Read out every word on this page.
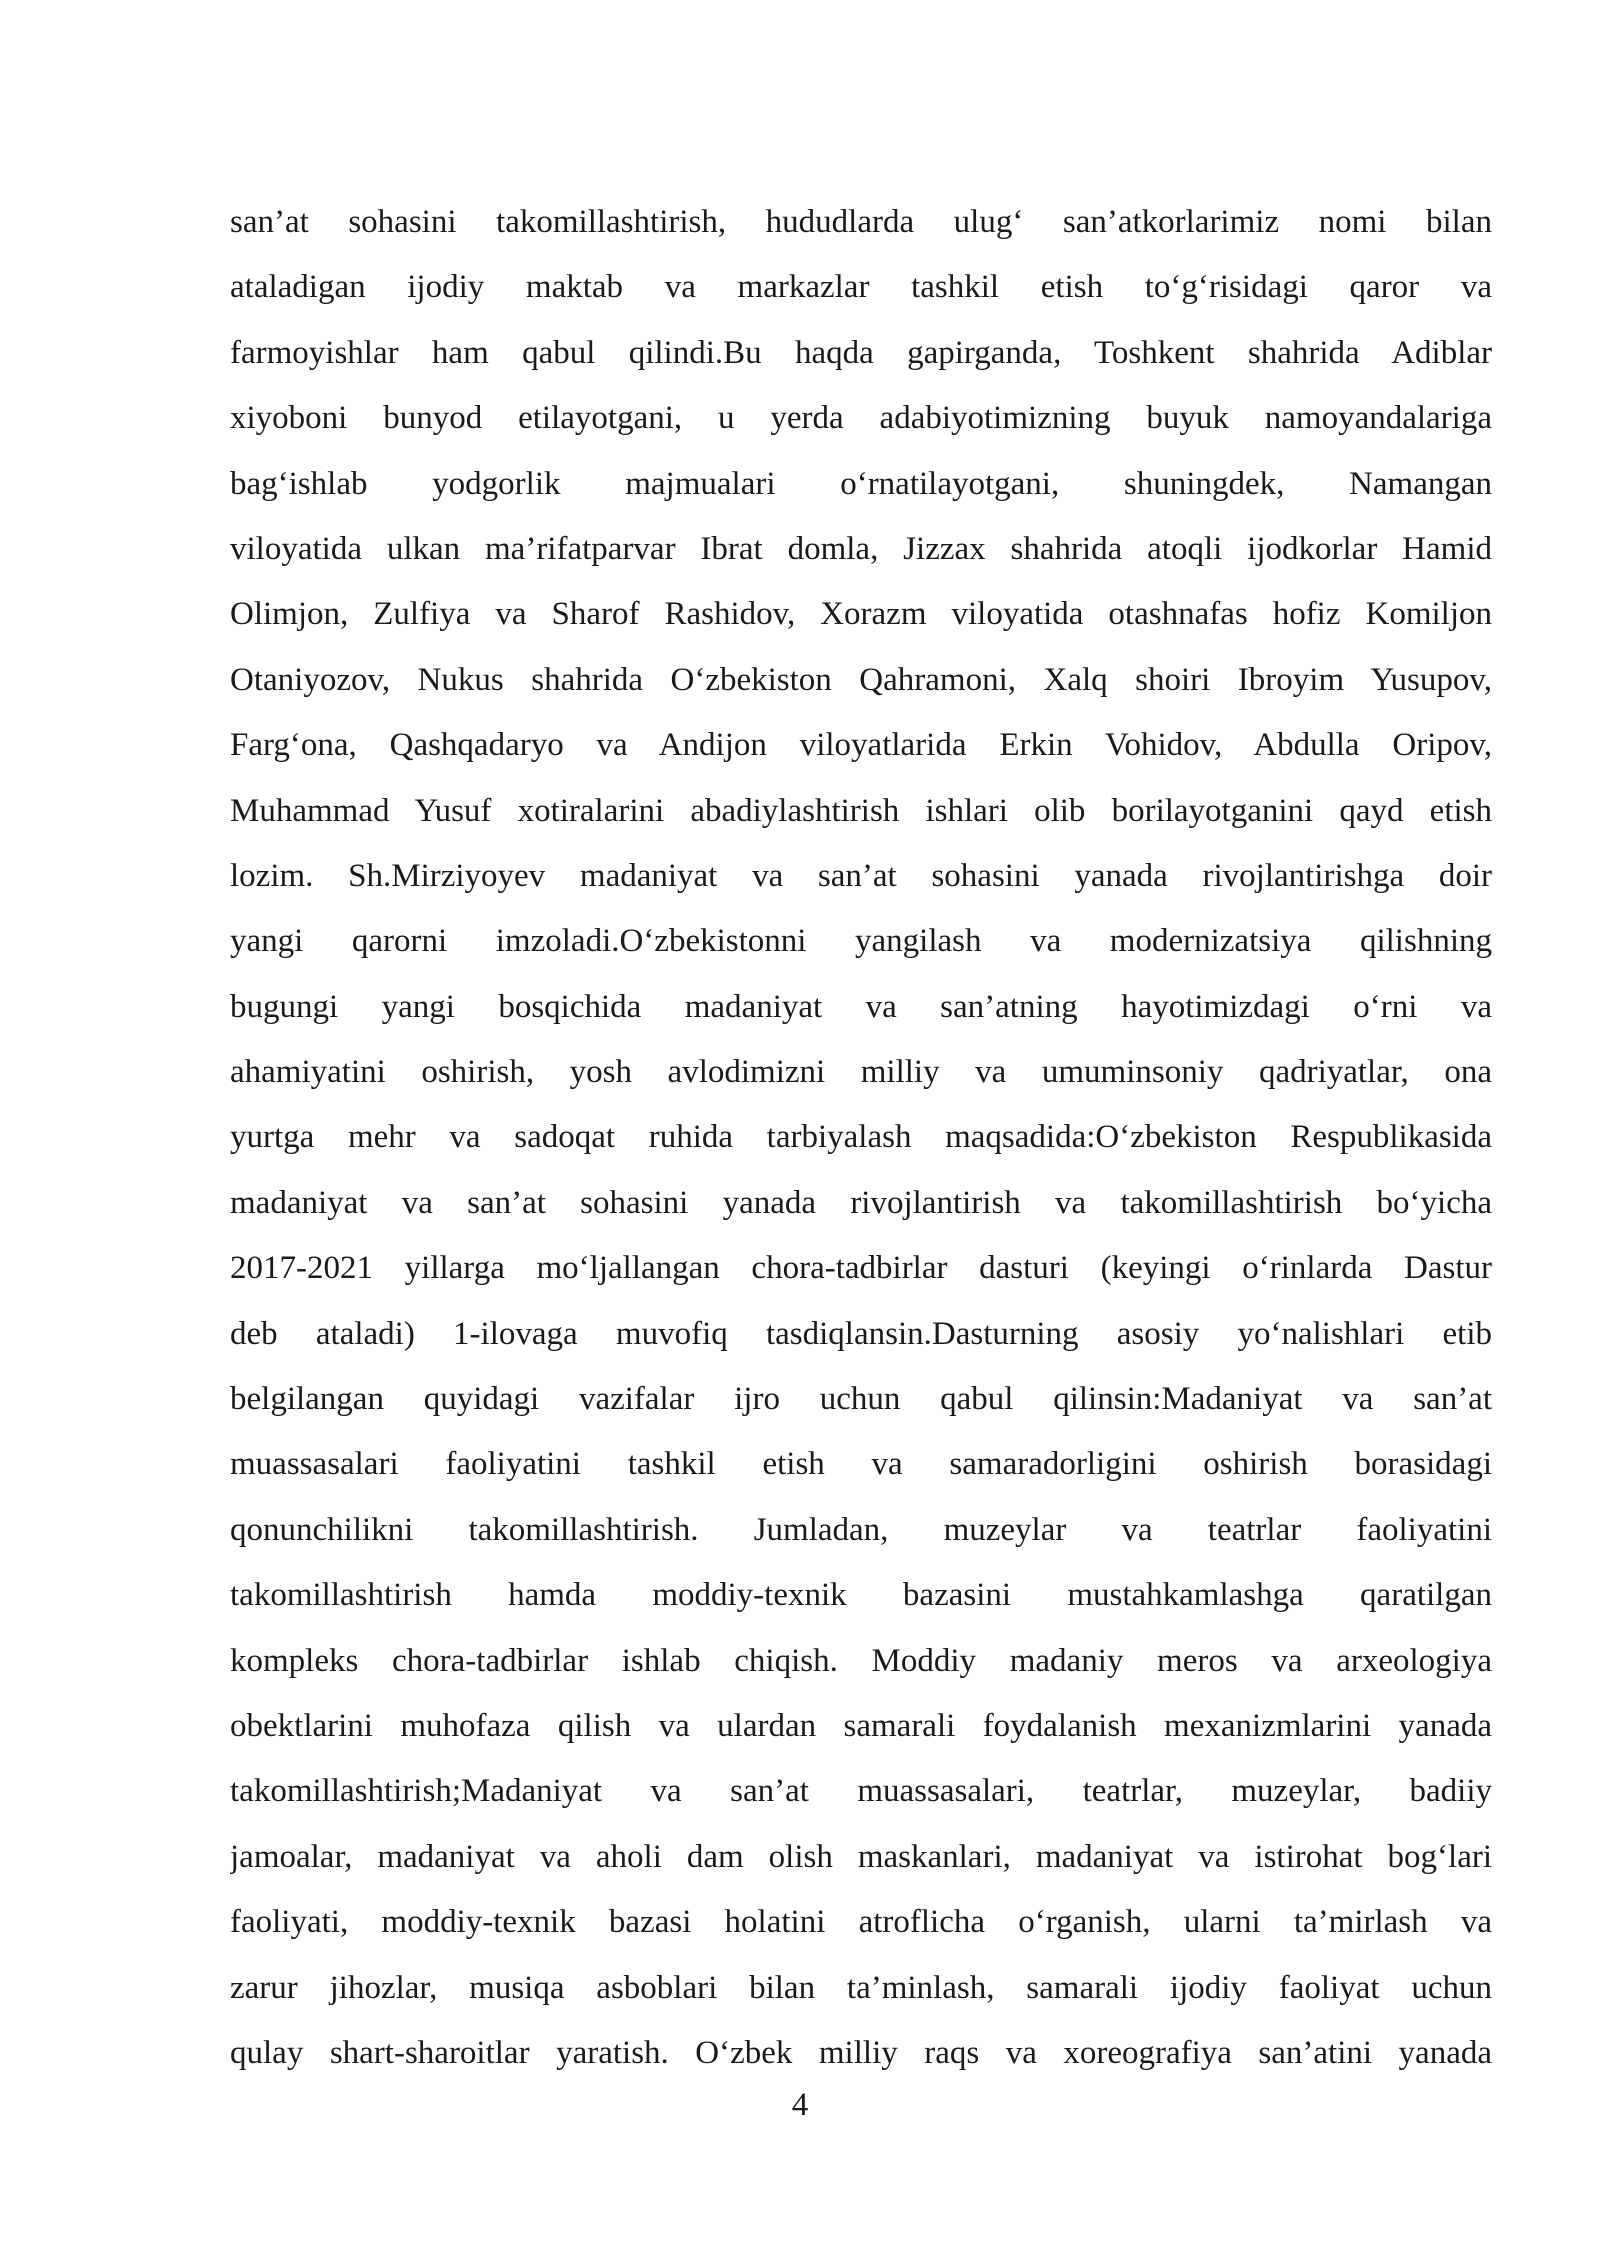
san’at sohasini takomillashtirish, hududlarda ulug‘ san’atkorlarimiz nomi bilan
ataladigan ijodiy maktab va markazlar tashkil etish to‘g‘risidagi qaror va
farmoyishlar ham qabul qilindi.Bu haqda gapirganda, Toshkent shahrida Adiblar
xiyoboni bunyod etilayotgani, u yerda adabiyotimizning buyuk namoyandalariga
bag‘ishlab yodgorlik majmualari o‘rnatilayotgani, shuningdek, Namangan
viloyatida ulkan ma’rifatparvar Ibrat domla, Jizzax shahrida atoqli ijodkorlar Hamid
Olimjon, Zulfiya va Sharof Rashidov, Xorazm viloyatida otashnafas hofiz Komiljon
Otaniyozov, Nukus shahrida O‘zbekiston Qahramoni, Xalq shoiri Ibroyim Yusupov,
Farg‘ona, Qashqadaryo va Andijon viloyatlarida Erkin Vohidov, Abdulla Oripov,
Muhammad Yusuf xotiralarini abadiylashtirish ishlari olib borilayotganini qayd etish
lozim. Sh.Mirziyoyev madaniyat va san’at sohasini yanada rivojlantirishga doir
yangi qarorni imzoladi.O‘zbekistonni yangilash va modernizatsiya qilishning
bugungi yangi bosqichida madaniyat va san’atning hayotimizdagi o‘rni va
ahamiyatini oshirish, yosh avlodimizni milliy va umuminsoniy qadriyatlar, ona
yurtga mehr va sadoqat ruhida tarbiyalash maqsadida:O‘zbekiston Respublikasida
madaniyat va san’at sohasini yanada rivojlantirish va takomillashtirish bo‘yicha
2017-2021 yillarga mo‘ljallangan chora-tadbirlar dasturi (keyingi o‘rinlarda Dastur
deb ataladi) 1-ilovaga muvofiq tasdiqlansin.Dasturning asosiy yo‘nalishlari etib
belgilangan quyidagi vazifalar ijro uchun qabul qilinsin:Madaniyat va san’at
muassasalari faoliyatini tashkil etish va samaradorligini oshirish borasidagi
qonunchilikni takomillashtirish. Jumladan, muzeylar va teatrlar faoliyatini
takomillashtirish hamda moddiy-texnik bazasini mustahkamlashga qaratilgan
kompleks chora-tadbirlar ishlab chiqish. Moddiy madaniy meros va arxeologiya
obektlarini muhofaza qilish va ulardan samarali foydalanish mexanizmlarini yanada
takomillashtirish;Madaniyat va san’at muassasalari, teatrlar, muzeylar, badiiy
jamoalar, madaniyat va aholi dam olish maskanlari, madaniyat va istirohat bog‘lari
faoliyati, moddiy-texnik bazasi holatini atroflicha o‘rganish, ularni ta’mirlash va
zarur jihozlar, musiqa asboblari bilan ta’minlash, samarali ijodiy faoliyat uchun
qulay shart-sharoitlar yaratish. O‘zbek milliy raqs va xoreografiya san’atini yanada
4
